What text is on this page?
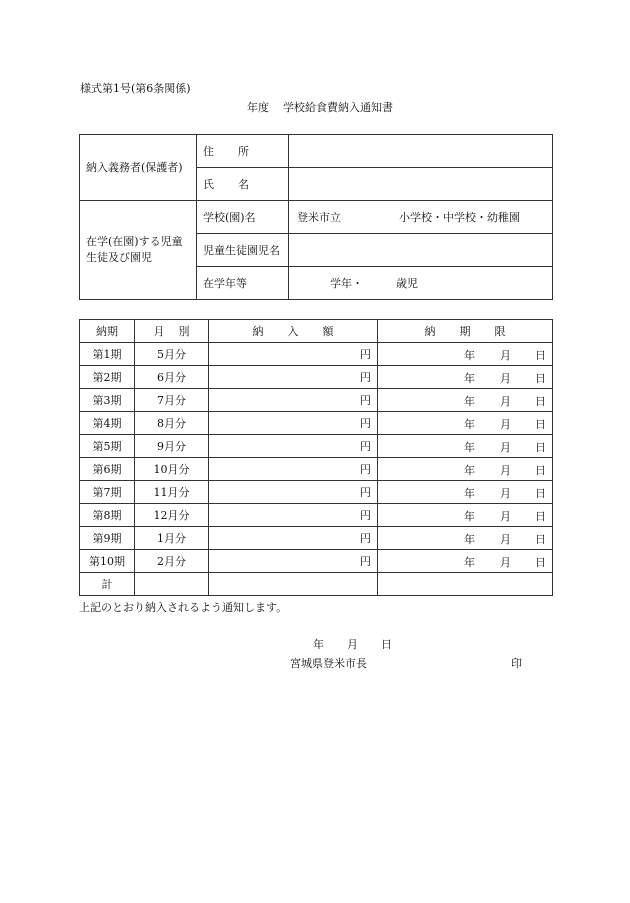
様式第1号(第6条関係)
年度 学校給食費納入通知書
納入義務者(保護者)	住 所	
	氏 名	

在学(在園)する児童
生徒及び園児	学校(園)名	登米市立 小学校・中学校・幼稚園
	児童生徒園児名	
	在学年等	学年・ 歳児
納期	月 別	納 入 額	納 期 限
第1期	5月分	円	年 月 日

第2期	6月分	円	年 月 日

第3期	7月分	円	年 月 日

第4期	8月分	円	年 月 日

第5期	9月分	円	年 月 日

第6期	10月分	円	年 月 日

第7期	11月分	円	年 月 日

第8期	12月分	円	年 月 日

第9期	1月分	円	年 月 日

第10期	2月分	円	年 月 日

計			
上記のとおり納入されるよう通知します。
年 月 日
宮城県登米市長	印
